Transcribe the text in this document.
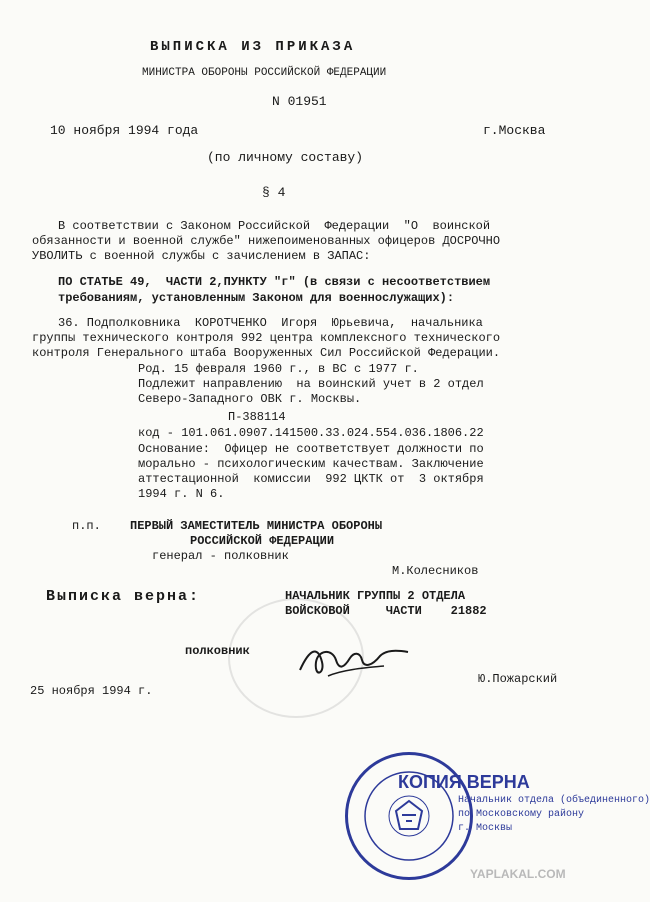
ВЫПИСКА ИЗ ПРИКАЗА
МИНИСТРА ОБОРОНЫ РОССИЙСКОЙ ФЕДЕРАЦИИ
N 01951
10 ноября 1994 года	г.Москва
(по личному составу)
§ 4
В соответствии с Законом Российской  Федерации  "О  воинской
обязанности и военной службе" нижепоименованных офицеров ДОСРОЧНО
УВОЛИТЬ с военной службы с зачислением в ЗАПАС:
ПО СТАТЬЕ 49,  ЧАСТИ 2,ПУНКТУ "г" (в связи с несоответствием
требованиям, установленным Законом для военнослужащих):
36. Подполковника  КОРОТЧЕНКО  Игоря  Юрьевича,  начальника
группы технического контроля 992 центра комплексного технического
контроля Генерального штаба Вооруженных Сил Российской Федерации.
Род. 15 февраля 1960 г., в ВС с 1977 г.
Подлежит направлению  на воинский учет в 2 отдел
Северо-Западного ОВК г. Москвы.
П-388114
код - 101.061.0907.141500.33.024.554.036.1806.22
Основание:  Офицер не соответствует должности по
морально - психологическим качествам. Заключение
аттестационной  комиссии  992 ЦКТК от  3 октября
1994 г. N 6.
п.п. ПЕРВЫЙ ЗАМЕСТИТЕЛЬ МИНИСТРА ОБОРОНЫ
РОССИЙСКОЙ ФЕДЕРАЦИИ
генерал - полковник
М.Колесников
Выписка верна:	НАЧАЛЬНИК ГРУППЫ 2 ОТДЕЛА
ВОЙСКОВОЙ     ЧАСТИ    21882
полковник
Ю.Пожарский
25 ноября 1994 г.
КОПИЯ ВЕРНА
Начальник отдела (объединенного)
по Московскому району
г. Москвы
YAPLAKAL.COM
